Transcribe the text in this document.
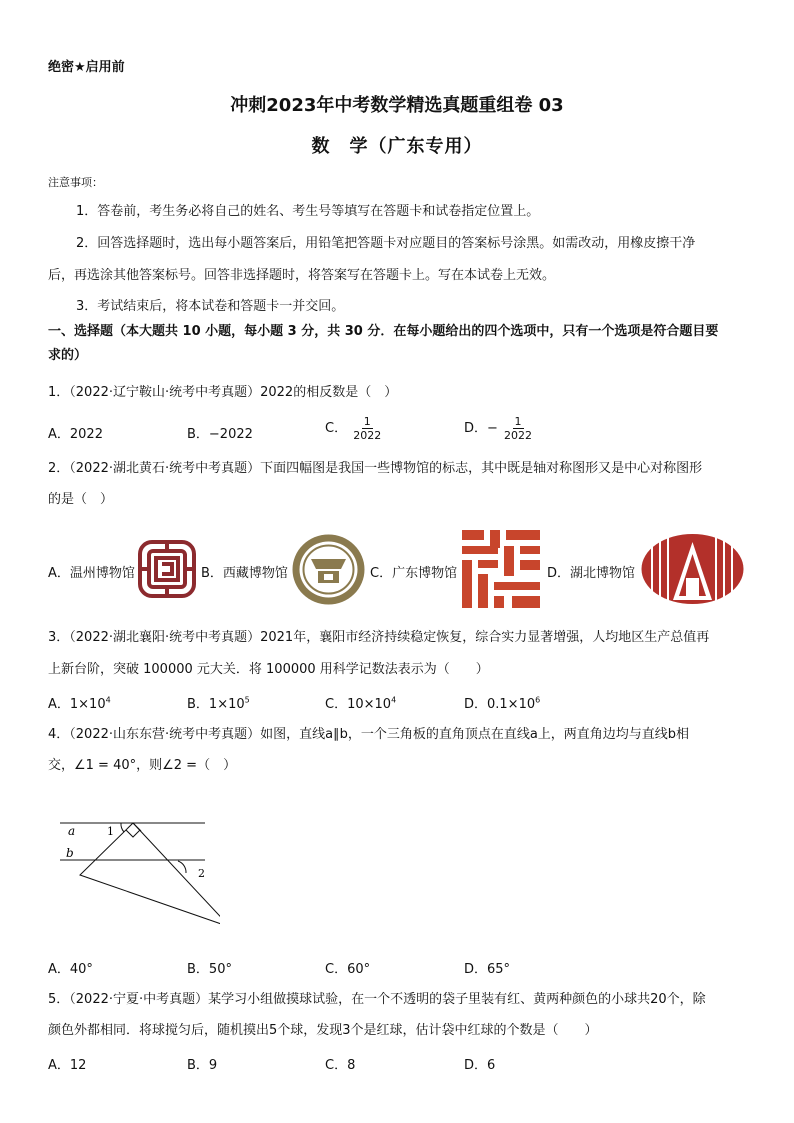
绝密★启用前
冲刺2023年中考数学精选真题重组卷 03
数　学（广东专用）
注意事项：
1．答卷前，考生务必将自己的姓名、考生号等填写在答题卡和试卷指定位置上。
2．回答选择题时，选出每小题答案后，用铅笔把答题卡对应题目的答案标号涂黑。如需改动，用橡皮擦干净
后，再选涂其他答案标号。回答非选择题时，将答案写在答题卡上。写在本试卷上无效。
3．考试结束后，将本试卷和答题卡一并交回。
一、选择题（本大题共 10 小题，每小题 3 分，共 30 分．在每小题给出的四个选项中，只有一个选项是符合题目要
求的）
1．（2022·辽宁鞍山·统考中考真题）2022的相反数是（　）
A．2022	B．−2022	C． $\frac{1}{2022}$	D．− $\frac{1}{2022}$
2．（2022·湖北黄石·统考中考真题）下面四幅图是我国一些博物馆的标志，其中既是轴对称图形又是中心对称图形
的是（　）
A．温州博物馆	B．西藏博物馆	C．广东博物馆	D．湖北博物馆
3．（2022·湖北襄阳·统考中考真题）2021年，襄阳市经济持续稳定恢复，综合实力显著增强，人均地区生产总值再
上新台阶，突破 100000 元大关．将 100000 用科学记数法表示为（　　）
A．$1\times 10^4$	B．$1\times 10^5$	C．$10\times 10^4$	D．$0.1\times 10^6$
4．（2022·山东东营·统考中考真题）如图，直线a∥b，一个三角板的直角顶点在直线a上，两直角边均与直线b相
交，∠1 = 40°，则∠2 =（　）
a
b
1
2
A．40°	B．50°	C．60°	D．65°
5．（2022·宁夏·中考真题）某学习小组做摸球试验，在一个不透明的袋子里装有红、黄两种颜色的小球共20个，除
颜色外都相同．将球搅匀后，随机摸出5个球，发现3个是红球，估计袋中红球的个数是（　　）
A．12	B．9	C．8	D．6
